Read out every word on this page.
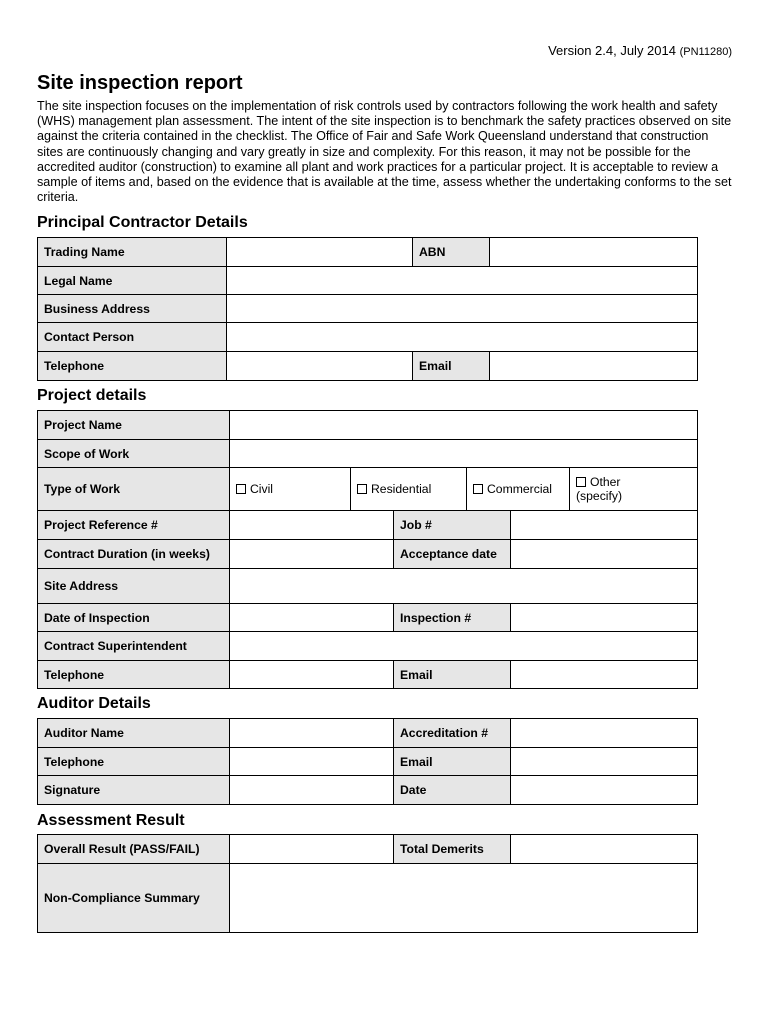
Version 2.4, July 2014 (PN11280)
Site inspection report

The site inspection focuses on the implementation of risk controls used by contractors following the work health and safety (WHS) management plan assessment. The intent of the site inspection is to benchmark the safety practices observed on site against the criteria contained in the checklist. The Office of Fair and Safe Work Queensland understand that construction sites are continuously changing and vary greatly in size and complexity. For this reason, it may not be possible for the accredited auditor (construction) to examine all plant and work practices for a particular project. It is acceptable to review a sample of items and, based on the evidence that is available at the time, assess whether the undertaking conforms to the set criteria.

Principal Contractor Details
Trading Name		ABN	
Legal Name			
Business Address			
Contact Person			
Telephone		Email	
Project details
Project Name						
Scope of Work						
Type of Work	Civil	Residential		Commercial		Other
(specify)
Project Reference #			Job #			
Contract Duration (in weeks)			Acceptance date			
Site Address						
Date of Inspection			Inspection #			
Contract Superintendent						
Telephone			Email			
Auditor Details
Auditor Name		Accreditation #	
Telephone		Email	
Signature		Date	
Assessment Result
Overall Result (PASS/FAIL)		Total Demerits	
Non-Compliance Summary			
